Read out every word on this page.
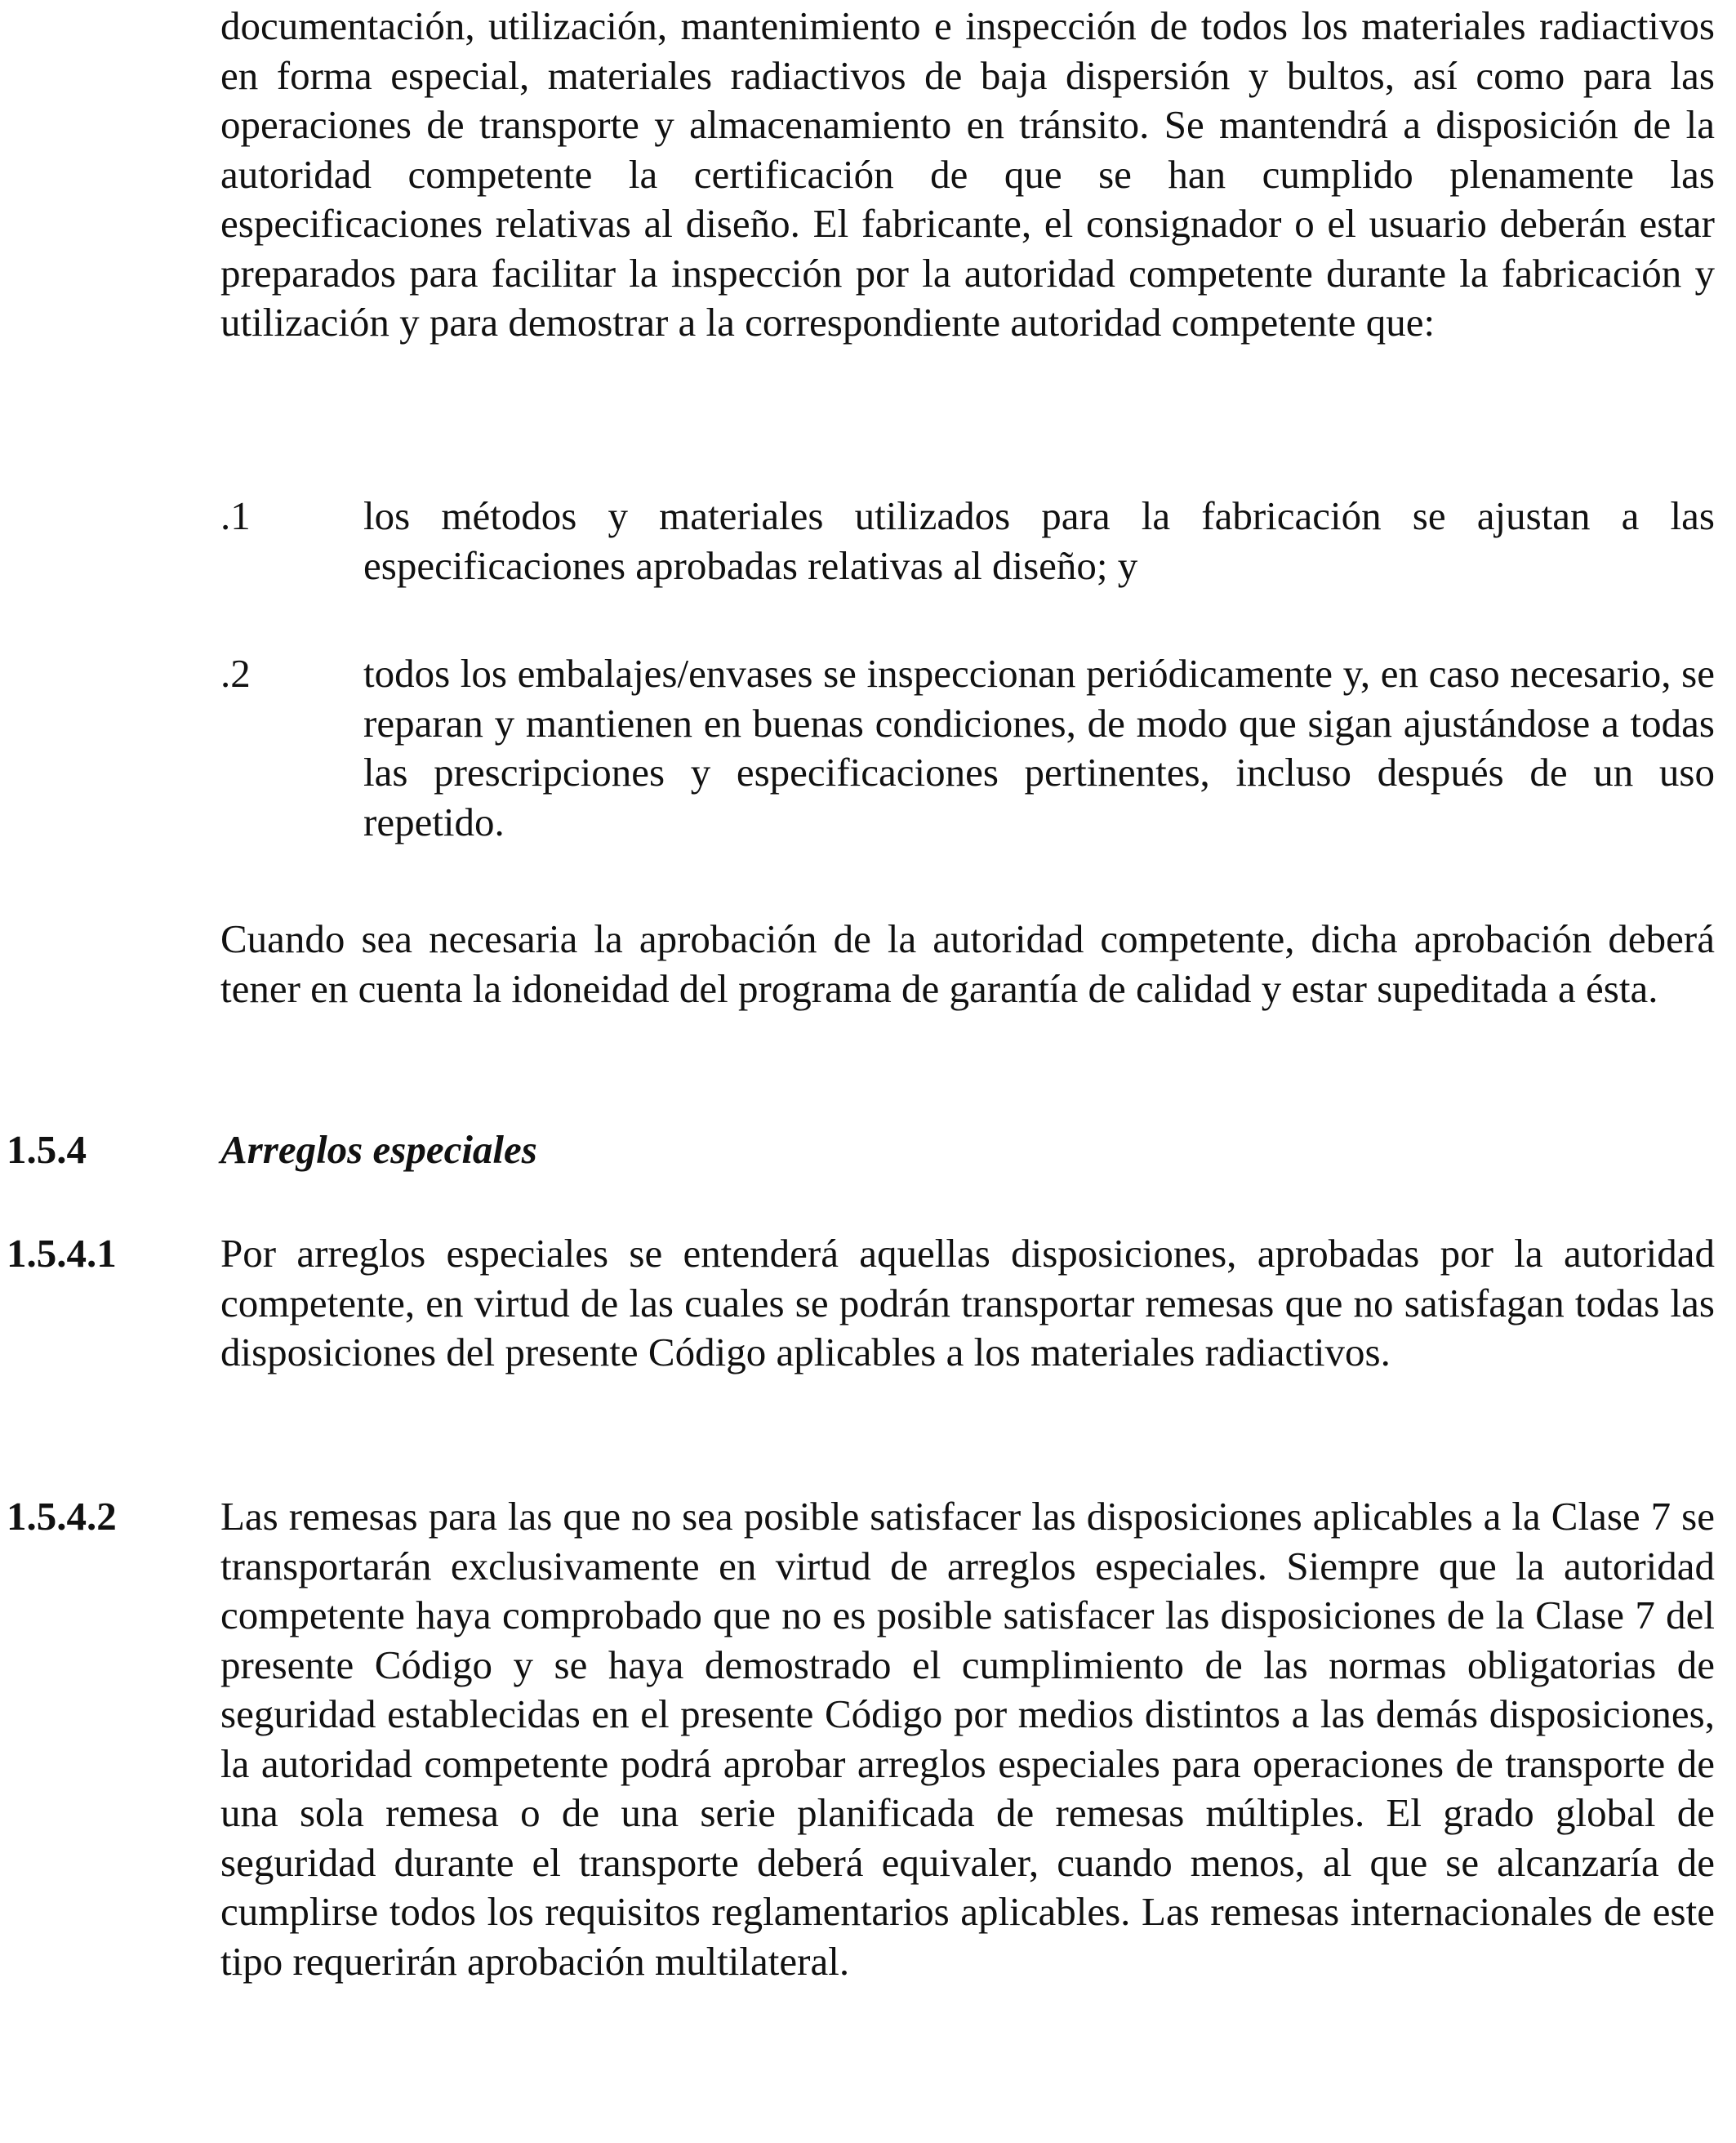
documentación, utilización, mantenimiento e inspección de todos los materiales radiactivos en forma especial, materiales radiactivos de baja dispersión y bultos, así como para las operaciones de transporte y almacenamiento en tránsito. Se mantendrá a disposición de la autoridad competente la certificación de que se han cumplido plenamente las especificaciones relativas al diseño. El fabricante, el consignador o el usuario deberán estar preparados para facilitar la inspección por la autoridad competente durante la fabricación y utilización y para demostrar a la correspondiente autoridad competente que:
.1	los métodos y materiales utilizados para la fabricación se ajustan a las especificaciones aprobadas relativas al diseño; y
.2	todos los embalajes/envases se inspeccionan periódicamente y, en caso necesario, se reparan y mantienen en buenas condiciones, de modo que sigan ajustándose a todas las prescripciones y especificaciones pertinentes, incluso después de un uso repetido.
Cuando sea necesaria la aprobación de la autoridad competente, dicha aprobación deberá tener en cuenta la idoneidad del programa de garantía de calidad y estar supeditada a ésta.
1.5.4	Arreglos especiales
1.5.4.1	Por arreglos especiales se entenderá aquellas disposiciones, aprobadas por la autoridad competente, en virtud de las cuales se podrán transportar remesas que no satisfagan todas las disposiciones del presente Código aplicables a los materiales radiactivos.
1.5.4.2	Las remesas para las que no sea posible satisfacer las disposiciones aplicables a la Clase 7 se transportarán exclusivamente en virtud de arreglos especiales. Siempre que la autoridad competente haya comprobado que no es posible satisfacer las disposiciones de la Clase 7 del presente Código y se haya demostrado el cumplimiento de las normas obligatorias de seguridad establecidas en el presente Código por medios distintos a las demás disposiciones, la autoridad competente podrá aprobar arreglos especiales para operaciones de transporte de una sola remesa o de una serie planificada de remesas múltiples. El grado global de seguridad durante el transporte deberá equivaler, cuando menos, al que se alcanzaría de cumplirse todos los requisitos reglamentarios aplicables. Las remesas internacionales de este tipo requerirán aprobación multilateral.
